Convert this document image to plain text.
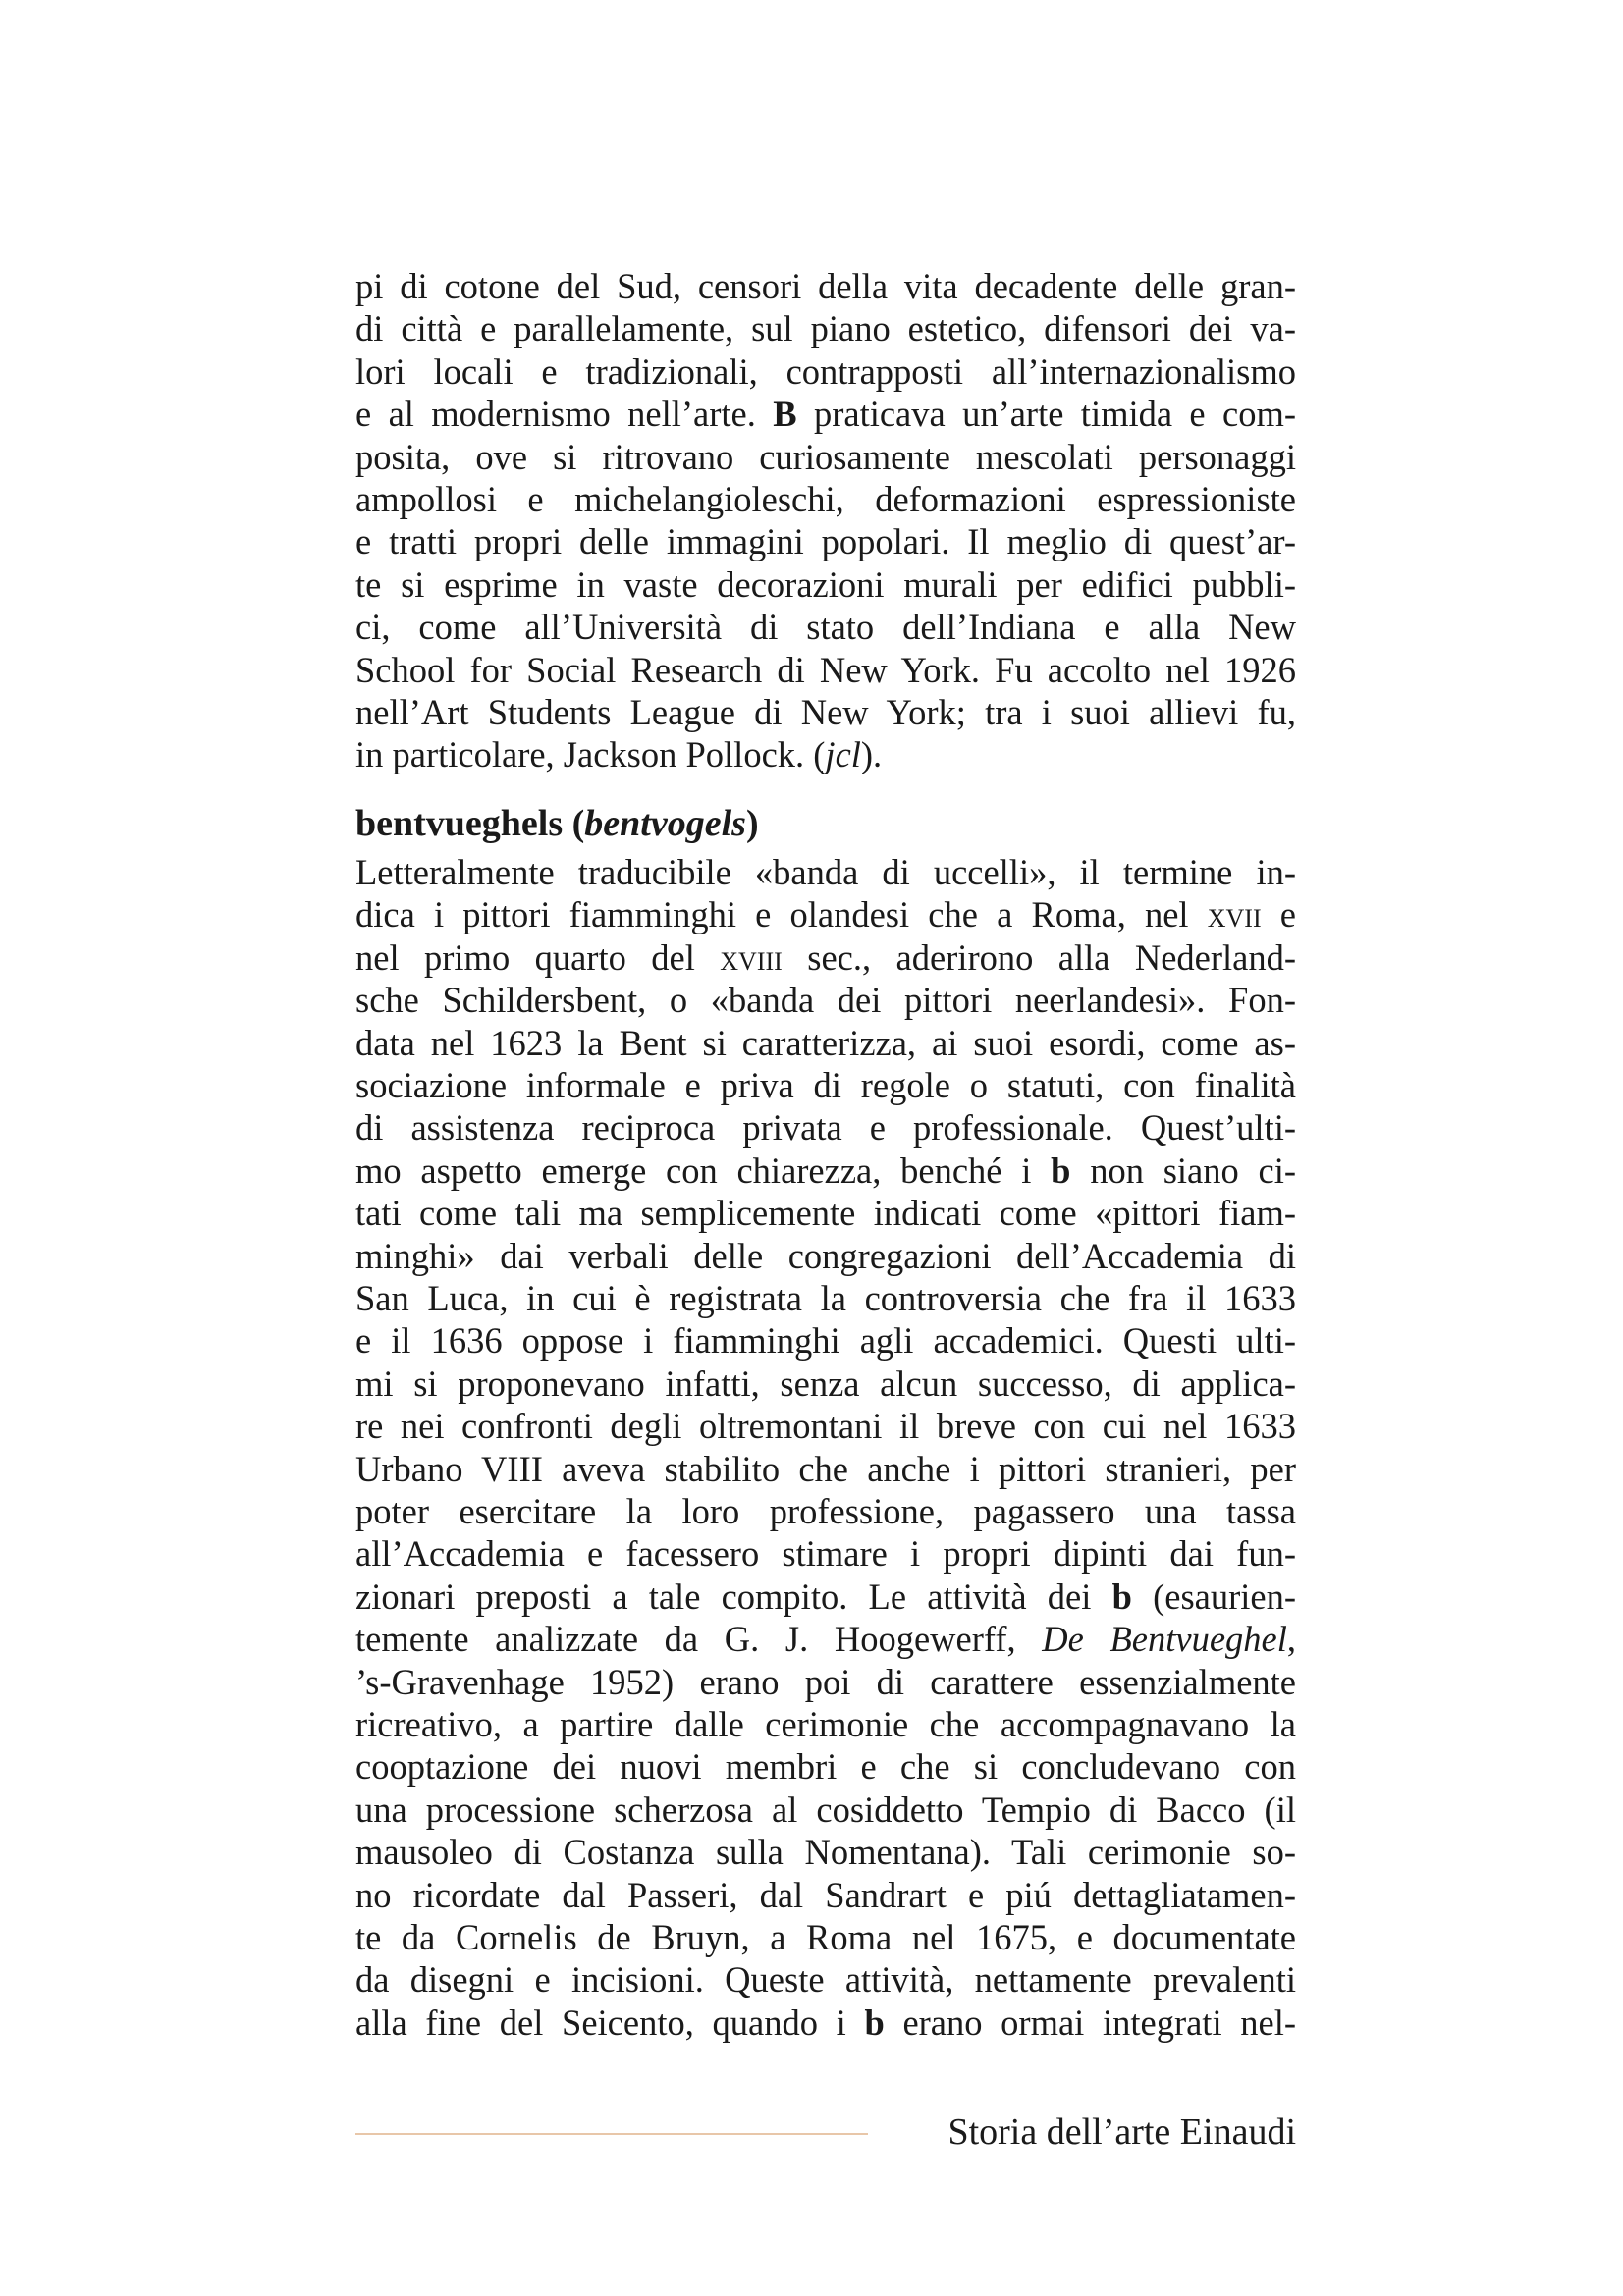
pi di cotone del Sud, censori della vita decadente delle gran-
di città e parallelamente, sul piano estetico, difensori dei va-
lori locali e tradizionali, contrapposti all’internazionalismo
e al modernismo nell’arte. B praticava un’arte timida e com-
posita, ove si ritrovano curiosamente mescolati personaggi
ampollosi e michelangioleschi, deformazioni espressioniste
e tratti propri delle immagini popolari. Il meglio di quest’ar-
te si esprime in vaste decorazioni murali per edifici pubbli-
ci, come all’Università di stato dell’Indiana e alla New
School for Social Research di New York. Fu accolto nel 1926
nell’Art Students League di New York; tra i suoi allievi fu,
in particolare, Jackson Pollock. (jcl).
bentvueghels (bentvogels)
Letteralmente traducibile «banda di uccelli», il termine in-
dica i pittori fiamminghi e olandesi che a Roma, nel xvii e
nel primo quarto del xviii sec., aderirono alla Nederland-
sche Schildersbent, o «banda dei pittori neerlandesi». Fon-
data nel 1623 la Bent si caratterizza, ai suoi esordi, come as-
sociazione informale e priva di regole o statuti, con finalità
di assistenza reciproca privata e professionale. Quest’ulti-
mo aspetto emerge con chiarezza, benché i b non siano ci-
tati come tali ma semplicemente indicati come «pittori fiam-
minghi» dai verbali delle congregazioni dell’Accademia di
San Luca, in cui è registrata la controversia che fra il 1633
e il 1636 oppose i fiamminghi agli accademici. Questi ulti-
mi si proponevano infatti, senza alcun successo, di applica-
re nei confronti degli oltremontani il breve con cui nel 1633
Urbano VIII aveva stabilito che anche i pittori stranieri, per
poter esercitare la loro professione, pagassero una tassa
all’Accademia e facessero stimare i propri dipinti dai fun-
zionari preposti a tale compito. Le attività dei b (esaurien-
temente analizzate da G. J. Hoogewerff, De Bentvueghel,
’s-Gravenhage 1952) erano poi di carattere essenzialmente
ricreativo, a partire dalle cerimonie che accompagnavano la
cooptazione dei nuovi membri e che si concludevano con
una processione scherzosa al cosiddetto Tempio di Bacco (il
mausoleo di Costanza sulla Nomentana). Tali cerimonie so-
no ricordate dal Passeri, dal Sandrart e piú dettagliatamen-
te da Cornelis de Bruyn, a Roma nel 1675, e documentate
da disegni e incisioni. Queste attività, nettamente prevalenti
alla fine del Seicento, quando i b erano ormai integrati nel-
Storia dell’arte Einaudi
